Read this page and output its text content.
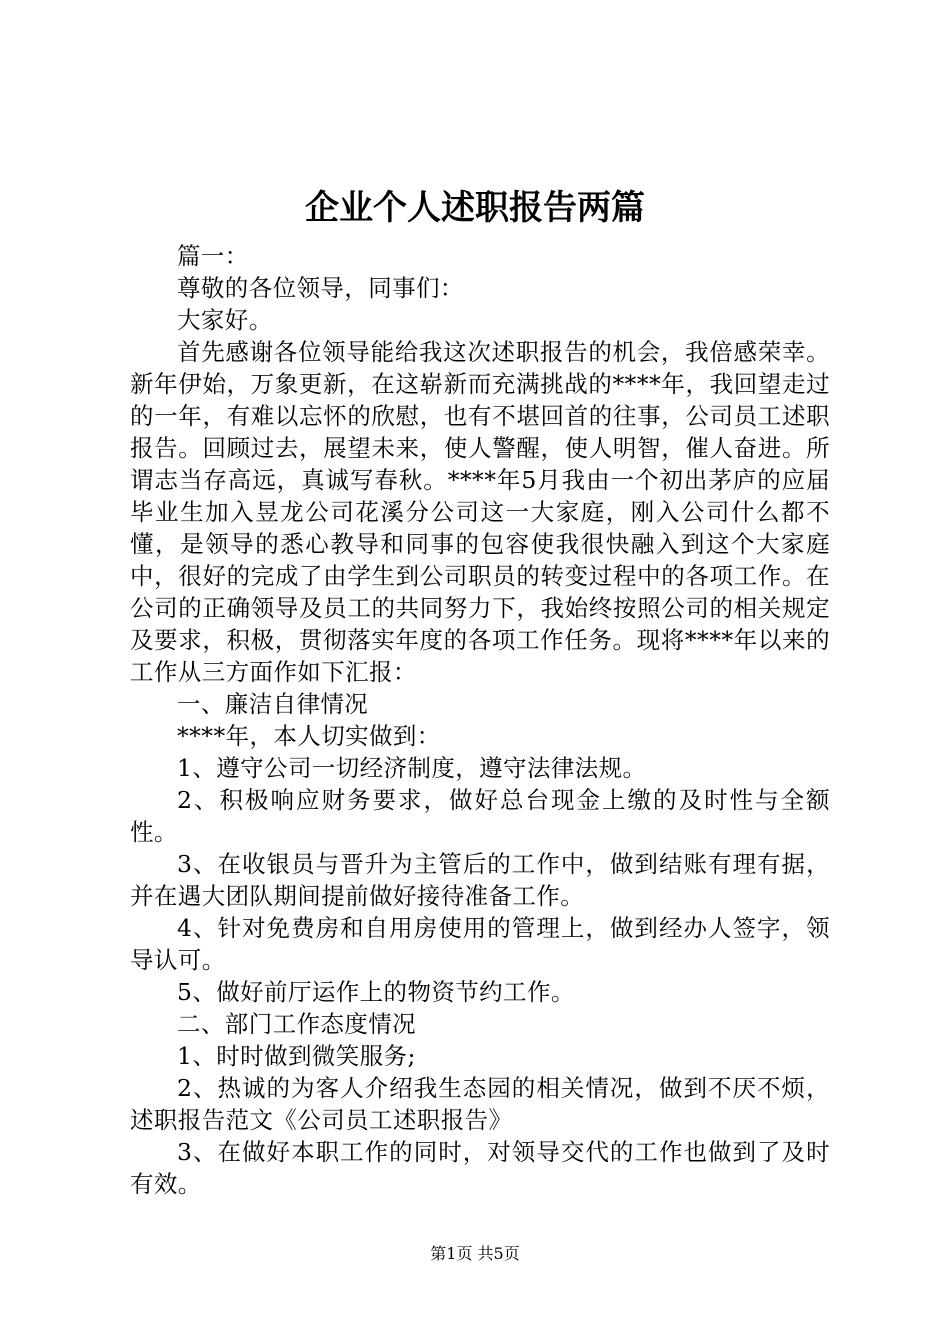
企业个人述职报告两篇

篇一：

尊敬的各位领导，同事们：

大家好。

首先感谢各位领导能给我这次述职报告的机会，我倍感荣幸。新年伊始，万象更新，在这崭新而充满挑战的****年，我回望走过的一年，有难以忘怀的欣慰，也有不堪回首的往事，公司员工述职报告。回顾过去，展望未来，使人警醒，使人明智，催人奋进。所谓志当存高远，真诚写春秋。****年5月我由一个初出茅庐的应届毕业生加入昱龙公司花溪分公司这一大家庭，刚入公司什么都不懂，是领导的悉心教导和同事的包容使我很快融入到这个大家庭中，很好的完成了由学生到公司职员的转变过程中的各项工作。在公司的正确领导及员工的共同努力下，我始终按照公司的相关规定及要求，积极，贯彻落实年度的各项工作任务。现将****年以来的工作从三方面作如下汇报：

一、廉洁自律情况

****年，本人切实做到：

1、遵守公司一切经济制度，遵守法律法规。

2、积极响应财务要求，做好总台现金上缴的及时性与全额性。

3、在收银员与晋升为主管后的工作中，做到结账有理有据，并在遇大团队期间提前做好接待准备工作。

4、针对免费房和自用房使用的管理上，做到经办人签字，领导认可。

5、做好前厅运作上的物资节约工作。

二、部门工作态度情况

1、时时做到微笑服务;

2、热诚的为客人介绍我生态园的相关情况，做到不厌不烦，述职报告范文《公司员工述职报告》

3、在做好本职工作的同时，对领导交代的工作也做到了及时有效。

第1页 共5页
